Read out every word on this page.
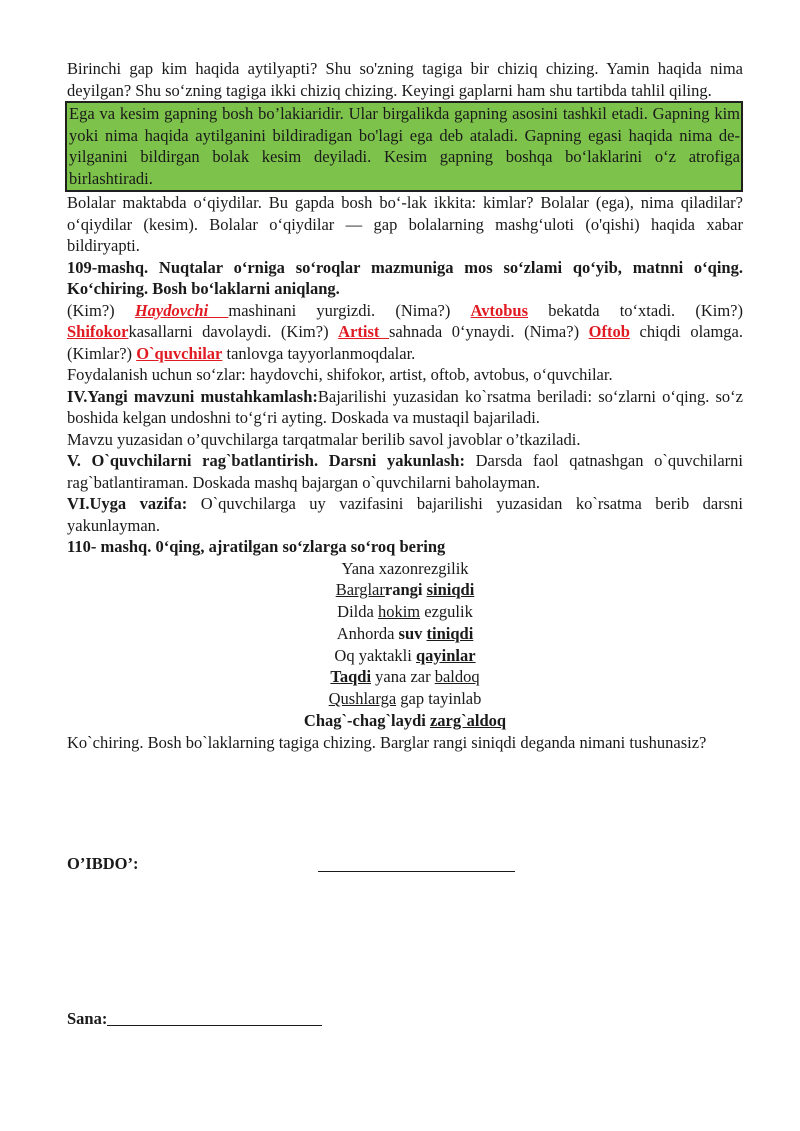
Birinchi gap kim haqida aytilyapti? Shu so'zning tagiga bir chiziq chizing. Yamin haqida nima deyilgan? Shu so‘zning tagiga ikki chiziq chizing. Keyingi gaplarni ham shu tartibda tahlil qiling.

Ega va kesim gapning bosh bo’lakiaridir. Ular birgalikda gapning asosini tashkil etadi. Gapning kim yoki nima haqida aytilganini bildiradigan bo'lagi ega deb ataladi. Gapning egasi haqida nima de-yilganini bildirgan bolak kesim deyiladi. Kesim gapning boshqa bo‘laklarini o‘z atrofiga birlashtiradi.

Bolalar maktabda o‘qiydilar. Bu gapda bosh bo‘-lak ikkita: kimlar? Bolalar (ega), nima qiladilar? o‘qiydilar (kesim). Bolalar o‘qiydilar — gap bolalarning mashg‘uloti (o'qishi) haqida xabar bildiryapti.

109-mashq. Nuqtalar o‘rniga so‘roqlar mazmuniga mos so‘zlami qo‘yib, matnni o‘qing. Ko‘chiring. Bosh bo‘laklarni aniqlang.

(Kim?) Haydovchi mashinani yurgizdi. (Nima?) Avtobus bekatda to‘xtadi. (Kim?) Shifokorkasallarni davolaydi. (Kim?) Artist sahnada 0‘ynaydi. (Nima?) Oftob chiqdi olamga. (Kimlar?) O`quvchilar tanlovga tayyorlanmoqdalar.

Foydalanish uchun so‘zlar: haydovchi, shifokor, artist, oftob, avtobus, o‘quvchilar.

IV.Yangi mavzuni mustahkamlash:Bajarilishi yuzasidan ko`rsatma beriladi: so‘zlarni o‘qing. so‘z boshida kelgan undoshni to‘g‘ri ayting. Doskada va mustaqil bajariladi.

Mavzu yuzasidan o’quvchilarga tarqatmalar berilib savol javoblar o’tkaziladi.

V. O`quvchilarni rag`batlantirish. Darsni yakunlash: Darsda faol qatnashgan o`quvchilarni rag`batlantiraman. Doskada mashq bajargan o`quvchilarni baholayman.

VI.Uyga vazifa: O`quvchilarga uy vazifasini bajarilishi yuzasidan ko`rsatma berib darsni yakunlayman.

110- mashq. 0‘qing, ajratilgan so‘zlarga so‘roq bering

Yana xazonrezgilik

Barglarrangi siniqdi

Dilda hokim ezgulik

Anhorda suv tiniqdi

Oq yaktakli qayinlar

Taqdi yana zar baldoq

Qushlarga gap tayinlab

Chag`-chag`laydi zarg`aldoq

Ko`chiring. Bosh bo`laklarning tagiga chizing. Barglar rangi siniqdi deganda nimani tushunasiz?

O’IBDO’:
Sana:
